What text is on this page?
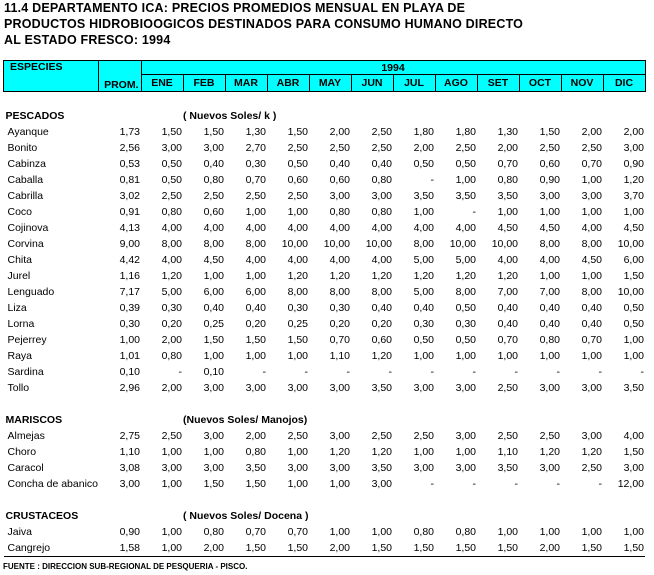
11.4 DEPARTAMENTO ICA: PRECIOS PROMEDIOS MENSUAL EN PLAYA DE
PRODUCTOS HIDROBIOOGICOS DESTINADOS PARA CONSUMO HUMANO DIRECTO
AL ESTADO FRESCO: 1994
ESPECIES	PROM.	1994											
		ENE	FEB	MAR	ABR	MAY	JUN	JUL	AGO	SET	OCT	NOV	DIC

PESCADOS			( Nuevos Soles/ k )										
Ayanque	1,73	1,50	1,50	1,30	1,50	2,00	2,50	1,80	1,80	1,30	1,50	2,00	2,00
Bonito	2,56	3,00	3,00	2,70	2,50	2,50	2,50	2,00	2,50	2,00	2,50	2,50	3,00
Cabinza	0,53	0,50	0,40	0,30	0,50	0,40	0,40	0,50	0,50	0,70	0,60	0,70	0,90
Caballa	0,81	0,50	0,80	0,70	0,60	0,60	0,80	-	1,00	0,80	0,90	1,00	1,20
Cabrilla	3,02	2,50	2,50	2,50	2,50	3,00	3,00	3,50	3,50	3,50	3,00	3,00	3,70
Coco	0,91	0,80	0,60	1,00	1,00	0,80	0,80	1,00	-	1,00	1,00	1,00	1,00
Cojinova	4,13	4,00	4,00	4,00	4,00	4,00	4,00	4,00	4,00	4,50	4,50	4,00	4,50
Corvina	9,00	8,00	8,00	8,00	10,00	10,00	10,00	8,00	10,00	10,00	8,00	8,00	10,00
Chita	4,42	4,00	4,50	4,00	4,00	4,00	4,00	5,00	5,00	4,00	4,00	4,50	6,00
Jurel	1,16	1,20	1,00	1,00	1,20	1,20	1,20	1,20	1,20	1,20	1,00	1,00	1,50
Lenguado	7,17	5,00	6,00	6,00	8,00	8,00	8,00	5,00	8,00	7,00	7,00	8,00	10,00
Liza	0,39	0,30	0,40	0,40	0,30	0,30	0,40	0,40	0,50	0,40	0,40	0,40	0,50
Lorna	0,30	0,20	0,25	0,20	0,25	0,20	0,20	0,30	0,30	0,40	0,40	0,40	0,50
Pejerrey	1,00	2,00	1,50	1,50	1,50	0,70	0,60	0,50	0,50	0,70	0,80	0,70	1,00
Raya	1,01	0,80	1,00	1,00	1,00	1,10	1,20	1,00	1,00	1,00	1,00	1,00	1,00
Sardina	0,10	-	0,10	-	-	-	-	-	-	-	-	-	-
Tollo	2,96	2,00	3,00	3,00	3,00	3,00	3,50	3,00	3,00	2,50	3,00	3,00	3,50

MARISCOS			(Nuevos Soles/ Manojos)										
Almejas	2,75	2,50	3,00	2,00	2,50	3,00	2,50	2,50	3,00	2,50	2,50	3,00	4,00
Choro	1,10	1,00	1,00	0,80	1,00	1,20	1,20	1,00	1,00	1,10	1,20	1,20	1,50
Caracol	3,08	3,00	3,00	3,50	3,00	3,00	3,50	3,00	3,00	3,50	3,00	2,50	3,00
Concha de abanico	3,00	1,00	1,50	1,50	1,00	1,00	3,00	-	-	-	-	-	12,00

CRUSTACEOS			( Nuevos Soles/ Docena )										
Jaiva	0,90	1,00	0,80	0,70	0,70	1,00	1,00	0,80	0,80	1,00	1,00	1,00	1,00
Cangrejo	1,58	1,00	2,00	1,50	1,50	2,00	1,50	1,50	1,50	1,50	2,00	1,50	1,50
FUENTE : DIRECCION SUB-REGIONAL DE PESQUERIA - PISCO.
